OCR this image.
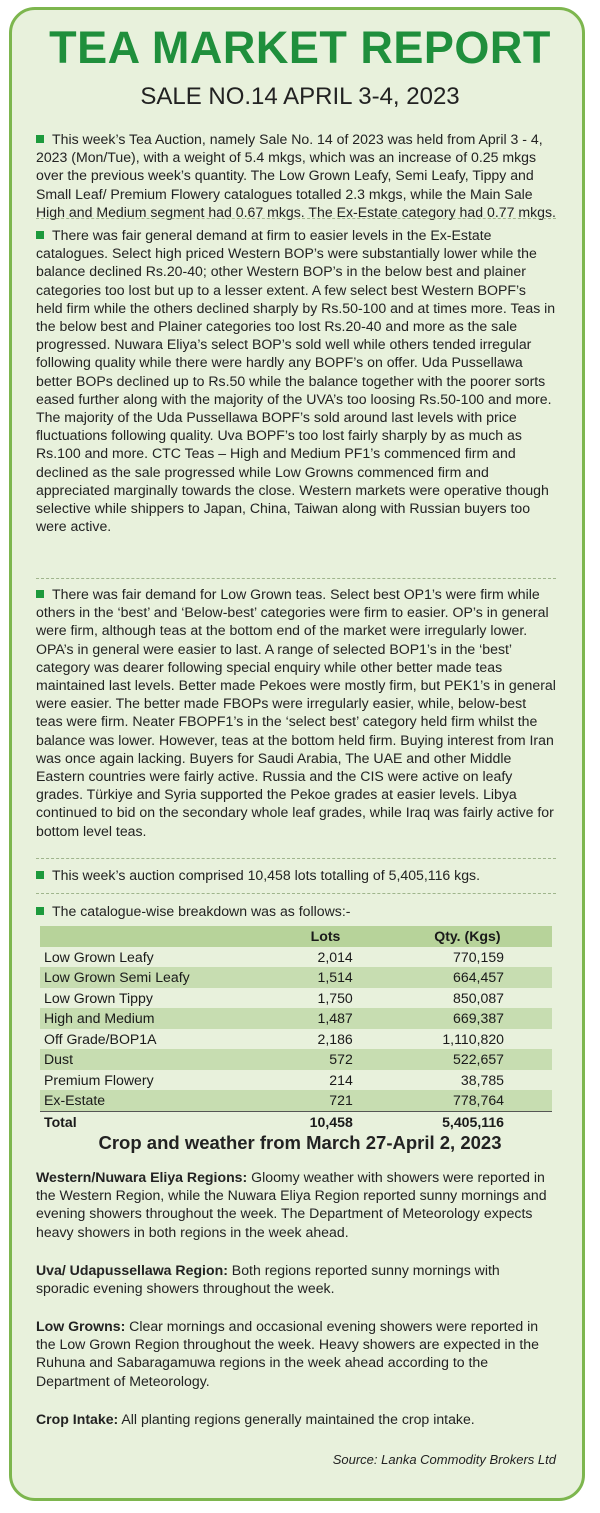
TEA MARKET REPORT
SALE NO.14 APRIL 3-4, 2023
This week’s Tea Auction, namely Sale No. 14 of 2023 was held from April 3 - 4, 2023 (Mon/Tue), with a weight of 5.4 mkgs, which was an increase of 0.25 mkgs over the previous week’s quantity. The Low Grown Leafy, Semi Leafy, Tippy and Small Leaf/ Premium Flowery catalogues totalled 2.3 mkgs, while the Main Sale High and Medium segment had 0.67 mkgs. The Ex-Estate category had 0.77 mkgs.
There was fair general demand at firm to easier levels in the Ex-Estate catalogues. Select high priced Western BOP’s were substantially lower while the balance declined Rs.20-40; other Western BOP’s in the below best and plainer categories too lost but up to a lesser extent. A few select best Western BOPF’s held firm while the others declined sharply by Rs.50-100 and at times more. Teas in the below best and Plainer categories too lost Rs.20-40 and more as the sale progressed. Nuwara Eliya’s select BOP’s sold well while others tended irregular following quality while there were hardly any BOPF’s on offer. Uda Pussellawa better BOPs declined up to Rs.50 while the balance together with the poorer sorts eased further along with the majority of the UVA’s too loosing Rs.50-100 and more. The majority of the Uda Pussellawa BOPF’s sold around last levels with price fluctuations following quality. Uva BOPF’s too lost fairly sharply by as much as Rs.100 and more. CTC Teas – High and Medium PF1’s commenced firm and declined as the sale progressed while Low Growns commenced firm and appreciated marginally towards the close. Western markets were operative though selective while shippers to Japan, China, Taiwan along with Russian buyers too were active.
There was fair demand for Low Grown teas. Select best OP1’s were firm while others in the ‘best’ and ‘Below-best’ categories were firm to easier. OP’s in general were firm, although teas at the bottom end of the market were irregularly lower. OPA’s in general were easier to last. A range of selected BOP1’s in the ‘best’ category was dearer following special enquiry while other better made teas maintained last levels. Better made Pekoes were mostly firm, but PEK1’s in general were easier. The better made FBOPs were irregularly easier, while, below-best teas were firm. Neater FBOPF1’s in the ‘select best’ category held firm whilst the balance was lower. However, teas at the bottom held firm. Buying interest from Iran was once again lacking. Buyers for Saudi Arabia, The UAE and other Middle Eastern countries were fairly active. Russia and the CIS were active on leafy grades. Türkiye and Syria supported the Pekoe grades at easier levels. Libya continued to bid on the secondary whole leaf grades, while Iraq was fairly active for bottom level teas.
This week’s auction comprised 10,458 lots totalling of 5,405,116 kgs.
The catalogue-wise breakdown was as follows:-
	Lots	Qty. (Kgs)
Low Grown Leafy	2,014	770,159
Low Grown Semi Leafy	1,514	664,457
Low Grown Tippy	1,750	850,087
High and Medium	1,487	669,387
Off Grade/BOP1A	2,186	1,110,820
Dust	572	522,657
Premium Flowery	214	38,785
Ex-Estate	721	778,764
Total	10,458	5,405,116
Crop and weather from March 27-April 2, 2023
Western/Nuwara Eliya Regions: Gloomy weather with showers were reported in the Western Region, while the Nuwara Eliya Region reported sunny mornings and evening showers throughout the week. The Department of Meteorology expects heavy showers in both regions in the week ahead.
Uva/ Udapussellawa Region: Both regions reported sunny mornings with sporadic evening showers throughout the week.
Low Growns: Clear mornings and occasional evening showers were reported in the Low Grown Region throughout the week. Heavy showers are expected in the Ruhuna and Sabaragamuwa regions in the week ahead according to the Department of Meteorology.
Crop Intake: All planting regions generally maintained the crop intake.
Source: Lanka Commodity Brokers Ltd
